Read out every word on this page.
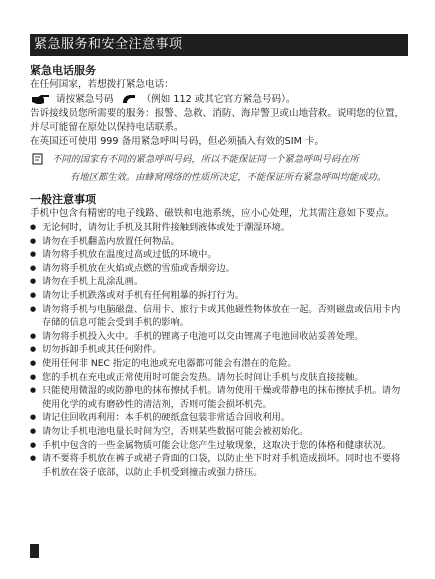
紧急服务和安全注意事项
紧急电话服务
在任何国家，若想拨打紧急电话：
请按紧急号码	（例如 112 或其它官方紧急号码）。
告诉接线员您所需要的服务：报警、急救、消防、海岸警卫或山地营救。说明您的位置，并尽可能留在原处以保持电话联系。
在英国还可使用 999 备用紧急呼叫号码，但必须插入有效的SIM 卡。
不同的国家有不同的紧急呼叫号码，所以不能保证同一个紧急呼叫号码在所
有地区都生效。由蜂窝网络的性质所决定，不能保证所有紧急呼叫均能成功。
一般注意事项
手机中包含有精密的电子线路、磁铁和电池系统，应小心处理，尤其需注意如下要点。
● 无论何时，请勿让手机及其附件接触到液体或处于潮湿环境。
● 请勿在手机翻盖内放置任何物品。
● 请勿将手机放在温度过高或过低的环境中。
● 请勿将手机放在火焰或点燃的雪茄或香烟旁边。
● 请勿在手机上乱涂乱画。
● 请勿让手机跌落或对手机有任何粗暴的拆打行为。
● 请勿将手机与电脑磁盘、信用卡、旅行卡或其他磁性物体放在一起。否则磁盘或信用卡内存储的信息可能会受到手机的影响。
● 请勿将手机投入火中。手机的锂离子电池可以交由锂离子电池回收站妥善处理。
● 切勿拆卸手机或其任何附件。
● 使用任何非 NEC 指定的电池或充电器都可能会有潜在的危险。
● 您的手机在充电或正常使用时可能会发热。请勿长时间让手机与皮肤直接接触。
● 只能使用微湿的或防静电的抹布擦拭手机。请勿使用干燥或带静电的抹布擦拭手机。请勿使用化学的或有磨砂性的清洁剂，否则可能会损坏机壳。
● 请记住回收再利用：本手机的硬纸盒包装非常适合回收利用。
● 请勿让手机电池电量长时间为空，否则某些数据可能会被初始化。
● 手机中包含的一些金属物质可能会让您产生过敏现象，这取决于您的体格和健康状况。
● 请不要将手机放在裤子或裙子背面的口袋，以防止坐下时对手机造成损坏。同时也不要将手机放在袋子底部，以防止手机受到撞击或强力挤压。
